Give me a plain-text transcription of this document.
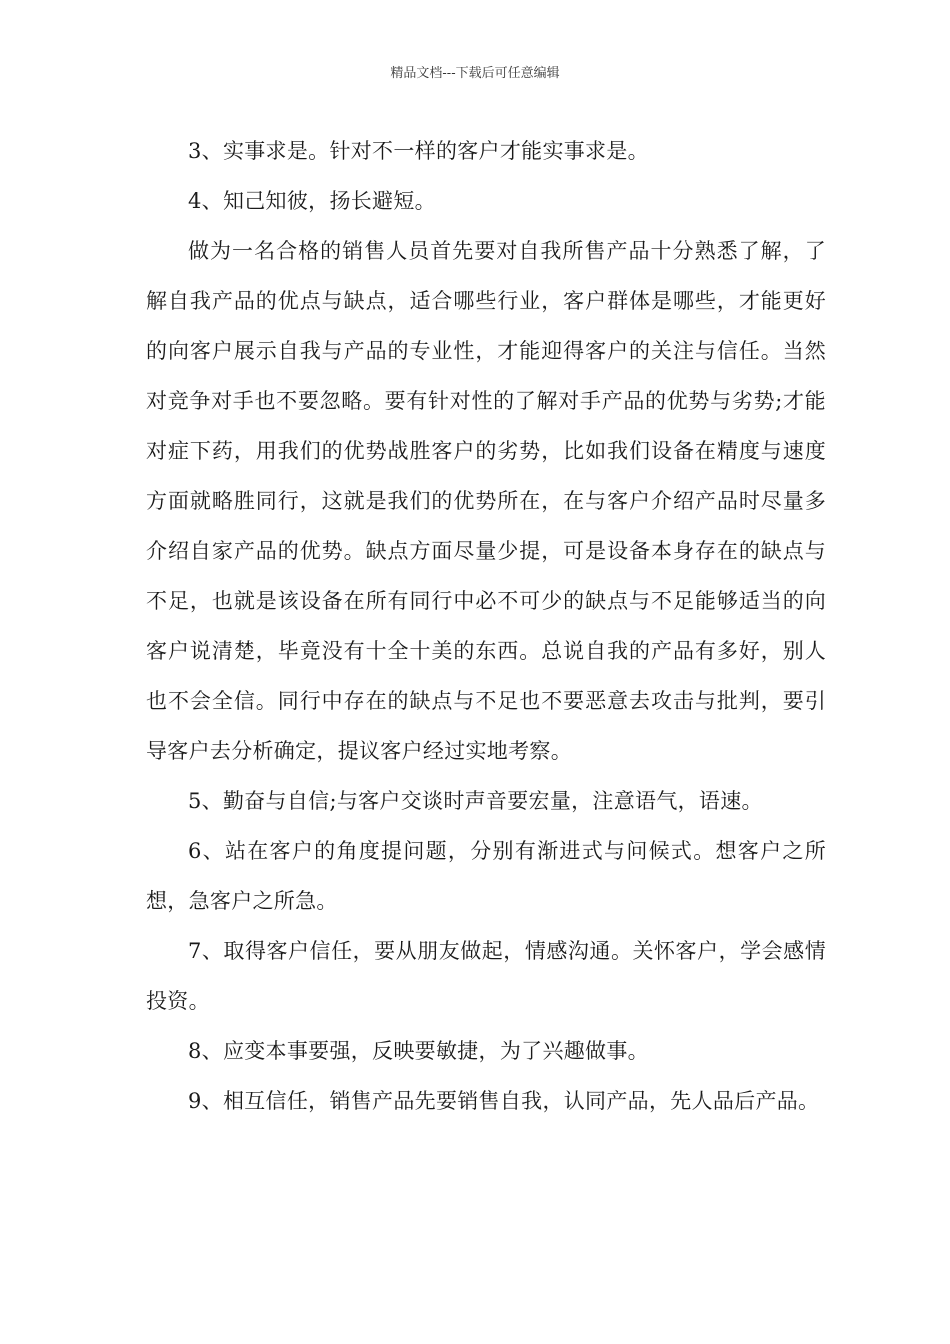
精品文档---下载后可任意编辑

3、实事求是。针对不一样的客户才能实事求是。

4、知己知彼，扬长避短。

做为一名合格的销售人员首先要对自我所售产品十分熟悉了解，了解自我产品的优点与缺点，适合哪些行业，客户群体是哪些，才能更好的向客户展示自我与产品的专业性，才能迎得客户的关注与信任。当然对竞争对手也不要忽略。要有针对性的了解对手产品的优势与劣势;才能对症下药，用我们的优势战胜客户的劣势，比如我们设备在精度与速度方面就略胜同行，这就是我们的优势所在，在与客户介绍产品时尽量多介绍自家产品的优势。缺点方面尽量少提，可是设备本身存在的缺点与不足，也就是该设备在所有同行中必不可少的缺点与不足能够适当的向客户说清楚，毕竟没有十全十美的东西。总说自我的产品有多好，别人也不会全信。同行中存在的缺点与不足也不要恶意去攻击与批判，要引导客户去分析确定，提议客户经过实地考察。

5、勤奋与自信;与客户交谈时声音要宏量，注意语气，语速。

6、站在客户的角度提问题，分别有渐进式与问候式。想客户之所想，急客户之所急。

7、取得客户信任，要从朋友做起，情感沟通。关怀客户，学会感情投资。

8、应变本事要强，反映要敏捷，为了兴趣做事。

9、相互信任，销售产品先要销售自我，认同产品，先人品后产品。
